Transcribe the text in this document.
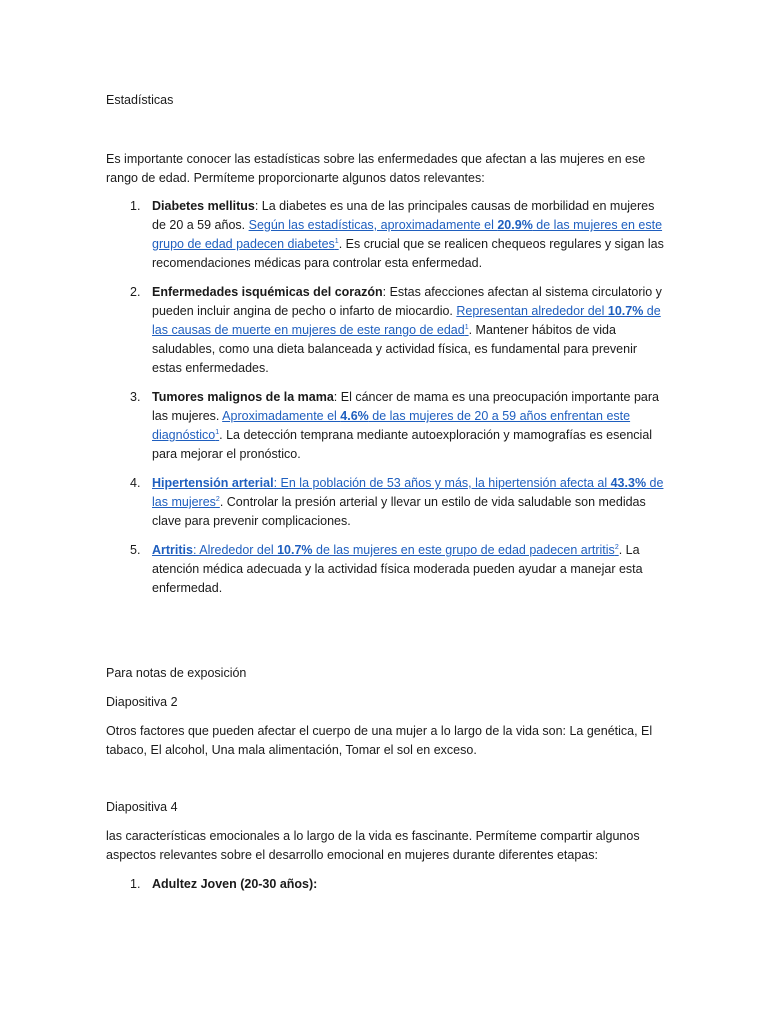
Estadísticas

Es importante conocer las estadísticas sobre las enfermedades que afectan a las mujeres en ese rango de edad. Permíteme proporcionarte algunos datos relevantes:

1. Diabetes mellitus: La diabetes es una de las principales causas de morbilidad en mujeres de 20 a 59 años. Según las estadísticas, aproximadamente el 20.9% de las mujeres en este grupo de edad padecen diabetes$^1$. Es crucial que se realicen chequeos regulares y sigan las recomendaciones médicas para controlar esta enfermedad.
2. Enfermedades isquémicas del corazón: Estas afecciones afectan al sistema circulatorio y pueden incluir angina de pecho o infarto de miocardio. Representan alrededor del 10.7% de las causas de muerte en mujeres de este rango de edad$^1$. Mantener hábitos de vida saludables, como una dieta balanceada y actividad física, es fundamental para prevenir estas enfermedades.
3. Tumores malignos de la mama: El cáncer de mama es una preocupación importante para las mujeres. Aproximadamente el 4.6% de las mujeres de 20 a 59 años enfrentan este diagnóstico$^1$. La detección temprana mediante autoexploración y mamografías es esencial para mejorar el pronóstico.
4. Hipertensión arterial: En la población de 53 años y más, la hipertensión afecta al 43.3% de las mujeres$^2$. Controlar la presión arterial y llevar un estilo de vida saludable son medidas clave para prevenir complicaciones.
5. Artritis: Alrededor del 10.7% de las mujeres en este grupo de edad padecen artritis$^2$. La atención médica adecuada y la actividad física moderada pueden ayudar a manejar esta enfermedad.

Para notas de exposición

Diapositiva 2

Otros factores que pueden afectar el cuerpo de una mujer a lo largo de la vida son: La genética, El tabaco, El alcohol, Una mala alimentación, Tomar el sol en exceso.

Diapositiva 4

las características emocionales a lo largo de la vida es fascinante. Permíteme compartir algunos aspectos relevantes sobre el desarrollo emocional en mujeres durante diferentes etapas:

1. Adultez Joven (20-30 años):
